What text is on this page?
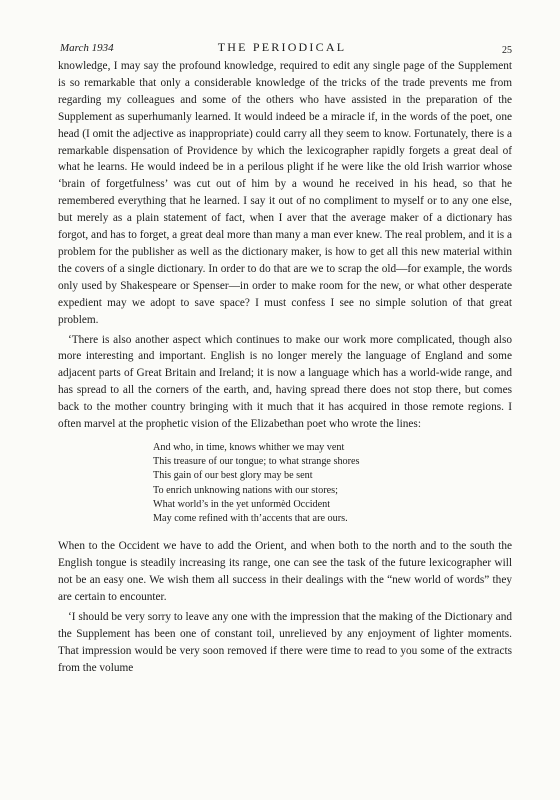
March 1934	THE PERIODICAL	25

knowledge, I may say the profound knowledge, required to edit any single page of the Supplement is so remarkable that only a considerable knowledge of the tricks of the trade prevents me from regarding my colleagues and some of the others who have assisted in the preparation of the Supplement as superhumanly learned. It would indeed be a miracle if, in the words of the poet, one head (I omit the adjective as inappropriate) could carry all they seem to know. Fortunately, there is a remarkable dispensation of Providence by which the lexicographer rapidly forgets a great deal of what he learns. He would indeed be in a perilous plight if he were like the old Irish warrior whose ‘brain of forgetfulness’ was cut out of him by a wound he received in his head, so that he remembered everything that he learned. I say it out of no compliment to myself or to any one else, but merely as a plain statement of fact, when I aver that the average maker of a dictionary has forgot, and has to forget, a great deal more than many a man ever knew. The real problem, and it is a problem for the publisher as well as the dictionary maker, is how to get all this new material within the covers of a single dictionary. In order to do that are we to scrap the old—for example, the words only used by Shakespeare or Spenser—in order to make room for the new, or what other desperate expedient may we adopt to save space? I must confess I see no simple solution of that great problem.

‘There is also another aspect which continues to make our work more complicated, though also more interesting and important. English is no longer merely the language of England and some adjacent parts of Great Britain and Ireland; it is now a language which has a world-wide range, and has spread to all the corners of the earth, and, having spread there does not stop there, but comes back to the mother country bringing with it much that it has acquired in those remote regions. I often marvel at the prophetic vision of the Elizabethan poet who wrote the lines:

And who, in time, knows whither we may vent
This treasure of our tongue; to what strange shores
This gain of our best glory may be sent
To enrich unknowing nations with our stores;
What world’s in the yet unformèd Occident
May come refined with th’accents that are ours.

When to the Occident we have to add the Orient, and when both to the north and to the south the English tongue is steadily increasing its range, one can see the task of the future lexicographer will not be an easy one. We wish them all success in their dealings with the “new world of words” they are certain to encounter.

‘I should be very sorry to leave any one with the impression that the making of the Dictionary and the Supplement has been one of constant toil, unrelieved by any enjoyment of lighter moments. That impression would be very soon removed if there were time to read to you some of the extracts from the volume
